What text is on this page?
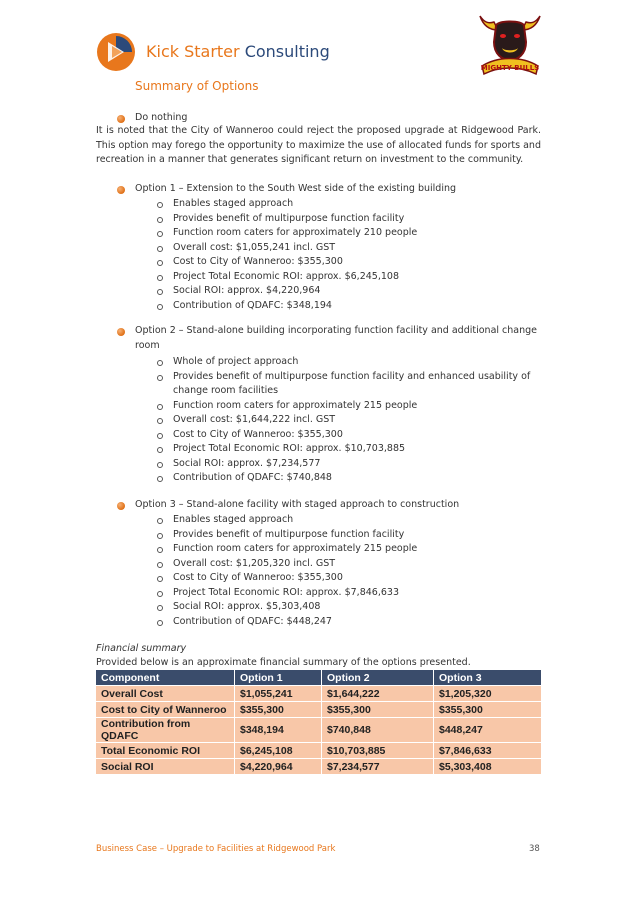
Kick Starter Consulting
MIGHTY BULLS
Summary of Options
Do nothing
It is noted that the City of Wanneroo could reject the proposed upgrade at Ridgewood Park. This option may forego the opportunity to maximize the use of allocated funds for sports and recreation in a manner that generates significant return on investment to the community.
Option 1 – Extension to the South West side of the existing building
Enables staged approach
Provides benefit of multipurpose function facility
Function room caters for approximately 210 people
Overall cost: $1,055,241 incl. GST
Cost to City of Wanneroo: $355,300
Project Total Economic ROI: approx. $6,245,108
Social ROI: approx. $4,220,964
Contribution of QDAFC: $348,194
Option 2 – Stand-alone building incorporating function facility and additional change
room
Whole of project approach
Provides benefit of multipurpose function facility and enhanced usability of
change room facilities
Function room caters for approximately 215 people
Overall cost: $1,644,222 incl. GST
Cost to City of Wanneroo: $355,300
Project Total Economic ROI: approx. $10,703,885
Social ROI: approx. $7,234,577
Contribution of QDAFC: $740,848
Option 3 – Stand-alone facility with staged approach to construction
Enables staged approach
Provides benefit of multipurpose function facility
Function room caters for approximately 215 people
Overall cost: $1,205,320 incl. GST
Cost to City of Wanneroo: $355,300
Project Total Economic ROI: approx. $7,846,633
Social ROI: approx. $5,303,408
Contribution of QDAFC: $448,247
Financial summary
Provided below is an approximate financial summary of the options presented.
Component	Option 1	Option 2	Option 3
Overall Cost	$1,055,241	$1,644,222	$1,205,320
Cost to City of Wanneroo	$355,300	$355,300	$355,300
Contribution from QDAFC	$348,194	$740,848	$448,247
Total Economic ROI	$6,245,108	$10,703,885	$7,846,633
Social ROI	$4,220,964	$7,234,577	$5,303,408
Business Case – Upgrade to Facilities at Ridgewood Park	38
